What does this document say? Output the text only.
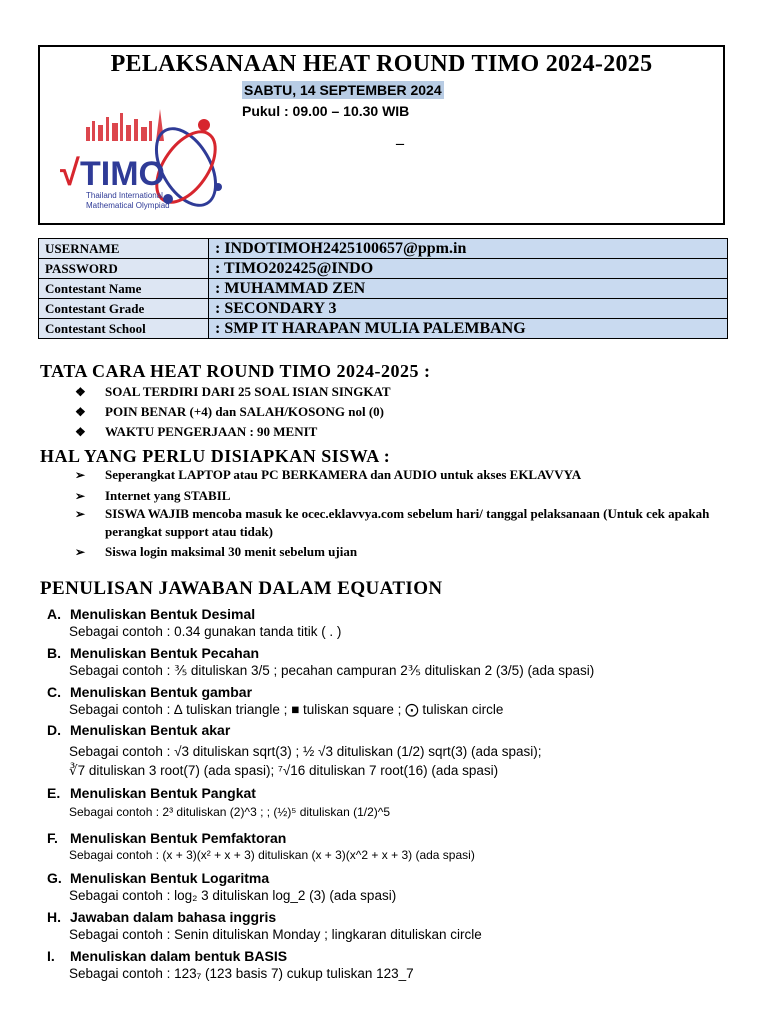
PELAKSANAAN HEAT ROUND TIMO 2024-2025
√ TIMO
Thailand International
Mathematical Olympiad
SABTU, 14 SEPTEMBER 2024
Pukul : 09.00 – 10.30 WIB
–
USERNAME	: INDOTIMOH2425100657@ppm.in
PASSWORD	: TIMO202425@INDO
Contestant Name	: MUHAMMAD ZEN
Contestant Grade	: SECONDARY 3
Contestant School	: SMP IT HARAPAN MULIA PALEMBANG
TATA CARA HEAT ROUND TIMO 2024-2025 :
❖ SOAL TERDIRI DARI 25 SOAL ISIAN SINGKAT
❖ POIN BENAR (+4) dan SALAH/KOSONG nol (0)
❖ WAKTU PENGERJAAN : 90 MENIT
HAL YANG PERLU DISIAPKAN SISWA :
➢ Seperangkat LAPTOP atau PC BERKAMERA dan AUDIO untuk akses EKLAVVYA
➢ Internet yang STABIL
➢ SISWA WAJIB mencoba masuk ke ocec.eklavvya.com sebelum hari/ tanggal pelaksanaan (Untuk cek apakah perangkat support atau tidak)
➢ Siswa login maksimal 30 menit sebelum ujian
PENULISAN JAWABAN DALAM EQUATION
A. Menuliskan Bentuk Desimal
Sebagai contoh : 0.34 gunakan tanda titik ( . )
B. Menuliskan Bentuk Pecahan
Sebagai contoh : ⅗ dituliskan 3/5 ; pecahan campuran 2⅗ dituliskan 2 (3/5) (ada spasi)
C. Menuliskan Bentuk gambar
Sebagai contoh : ∆ tuliskan triangle ; ■ tuliskan square ; ⨀ tuliskan circle
D. Menuliskan Bentuk akar
Sebagai contoh : √3 dituliskan sqrt(3) ; ½ √3 dituliskan (1/2) sqrt(3) (ada spasi);
∛7 dituliskan 3 root(7) (ada spasi); ⁷√16 dituliskan 7 root(16) (ada spasi)
E. Menuliskan Bentuk Pangkat
Sebagai contoh : 2³ dituliskan (2)^3 ; ; (½)⁵ dituliskan (1/2)^5
F. Menuliskan Bentuk Pemfaktoran
Sebagai contoh : (x + 3)(x² + x + 3) dituliskan (x + 3)(x^2 + x + 3) (ada spasi)
G. Menuliskan Bentuk Logaritma
Sebagai contoh : log₂ 3 dituliskan log_2 (3) (ada spasi)
H. Jawaban dalam bahasa inggris
Sebagai contoh : Senin dituliskan Monday ; lingkaran dituliskan circle
I. Menuliskan dalam bentuk BASIS
Sebagai contoh : 123₇ (123 basis 7) cukup tuliskan 123_7
